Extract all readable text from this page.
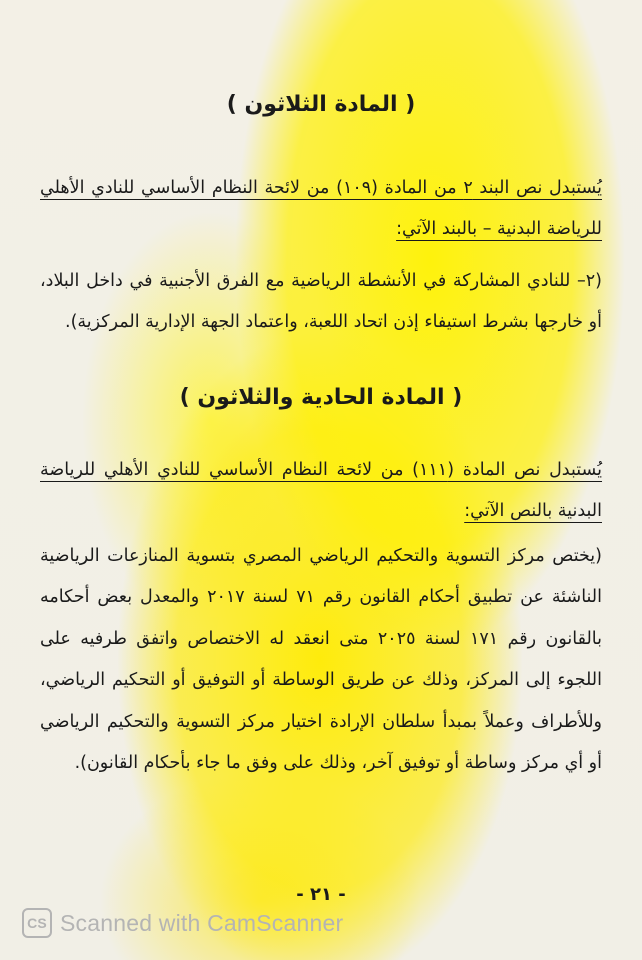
( المادة الثلاثون )

يُستبدل نص البند ٢ من المادة (١٠٩) من لائحة النظام الأساسي للنادي الأهلي للرياضة البدنية – بالبند الآتي:

(٢– للنادي المشاركة في الأنشطة الرياضية مع الفرق الأجنبية في داخل البلاد، أو خارجها بشرط استيفاء إذن اتحاد اللعبة، واعتماد الجهة الإدارية المركزية).

( المادة الحادية والثلاثون )

يُستبدل نص المادة (١١١) من لائحة النظام الأساسي للنادي الأهلي للرياضة البدنية بالنص الآتي:

(يختص مركز التسوية والتحكيم الرياضي المصري بتسوية المنازعات الرياضية الناشئة عن تطبيق أحكام القانون رقم ٧١ لسنة ٢٠١٧ والمعدل بعض أحكامه بالقانون رقم ١٧١ لسنة ٢٠٢٥ متى انعقد له الاختصاص واتفق طرفيه على اللجوء إلى المركز، وذلك عن طريق الوساطة أو التوفيق أو التحكيم الرياضي، وللأطراف وعملاً بمبدأ سلطان الإرادة اختيار مركز التسوية والتحكيم الرياضي أو أي مركز وساطة أو توفيق آخر، وذلك على وفق ما جاء بأحكام القانون).

- ٢١ -
CS Scanned with CamScanner
